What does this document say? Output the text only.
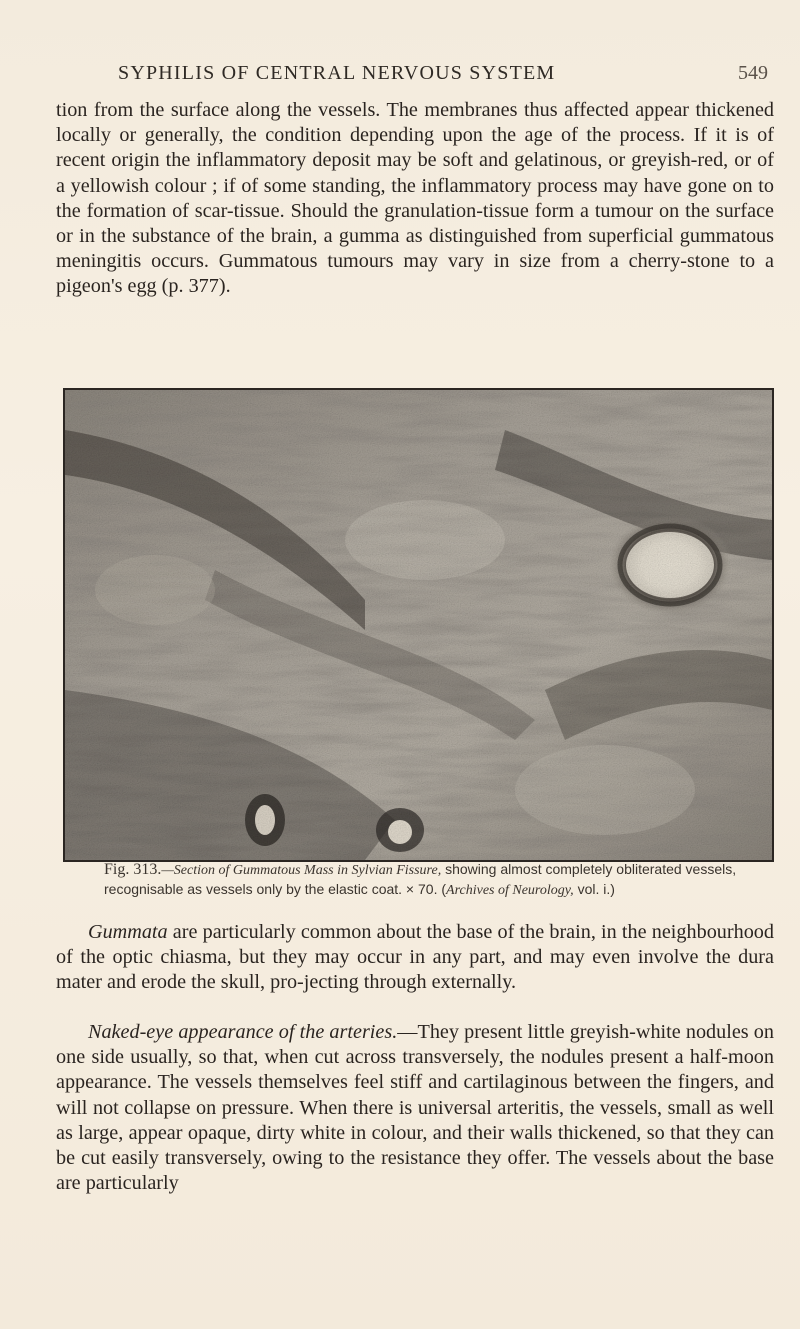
SYPHILIS OF CENTRAL NERVOUS SYSTEM	549

tion from the surface along the vessels. The membranes thus affected appear thickened locally or generally, the condition depending upon the age of the process. If it is of recent origin the inflammatory deposit may be soft and gelatinous, or greyish-red, or of a yellowish colour ; if of some standing, the inflammatory process may have gone on to the formation of scar-tissue. Should the granulation-tissue form a tumour on the surface or in the substance of the brain, a gumma as distinguished from superficial gummatous meningitis occurs. Gummatous tumours may vary in size from a cherry-stone to a pigeon's egg (p. 377).

Fig. 313.—Section of Gummatous Mass in Sylvian Fissure, showing almost completely obliterated vessels, recognisable as vessels only by the elastic coat. × 70. (Archives of Neurology, vol. i.)

Gummata are particularly common about the base of the brain, in the neighbourhood of the optic chiasma, but they may occur in any part, and may even involve the dura mater and erode the skull, pro-jecting through externally.

Naked-eye appearance of the arteries.—They present little greyish-white nodules on one side usually, so that, when cut across transversely, the nodules present a half-moon appearance. The vessels themselves feel stiff and cartilaginous between the fingers, and will not collapse on pressure. When there is universal arteritis, the vessels, small as well as large, appear opaque, dirty white in colour, and their walls thickened, so that they can be cut easily transversely, owing to the resistance they offer. The vessels about the base are particularly
